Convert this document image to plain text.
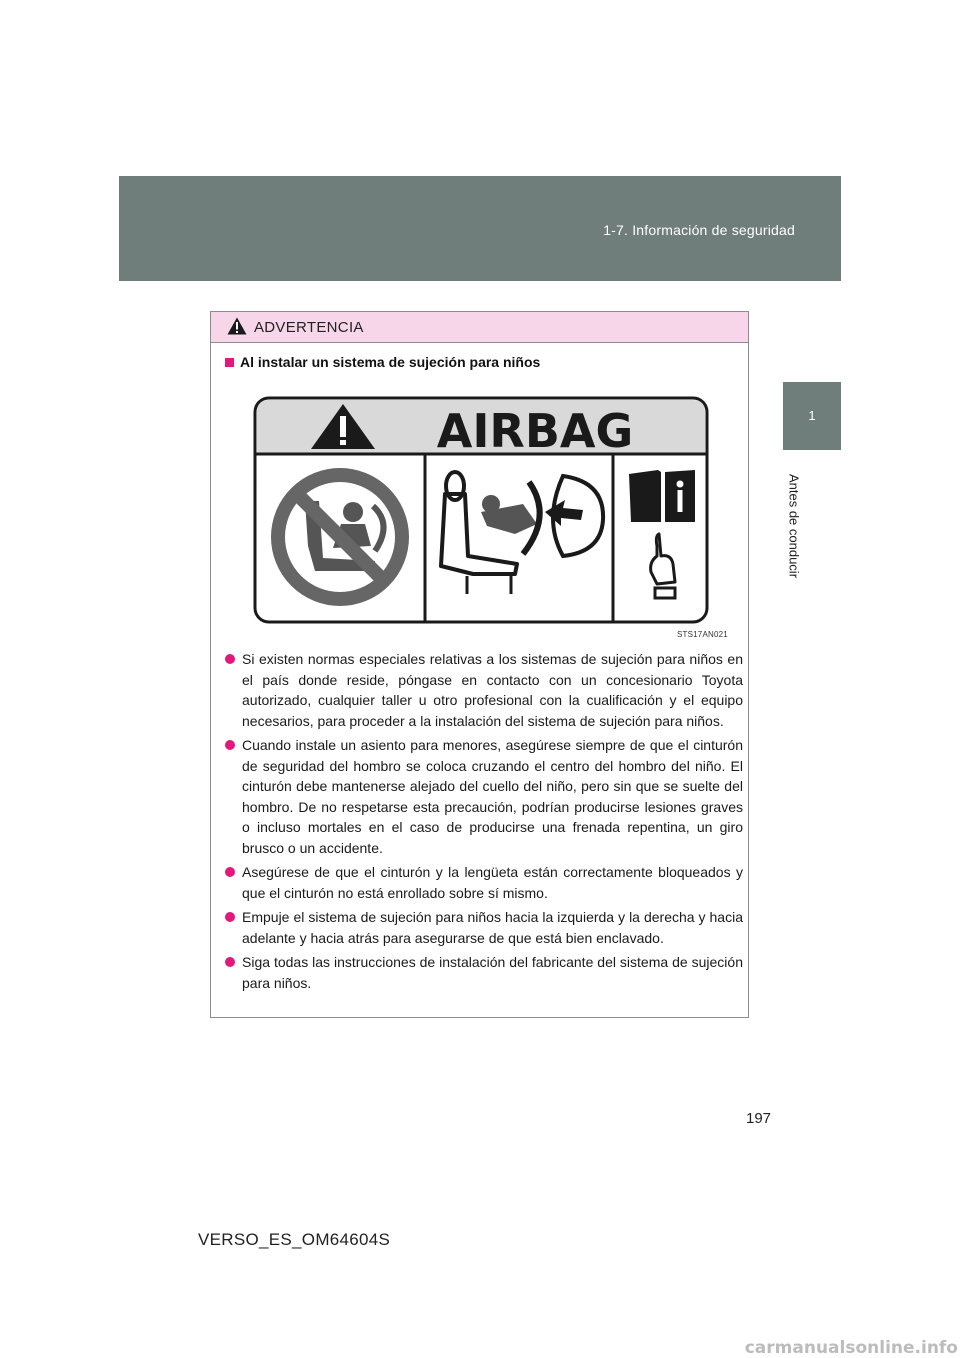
1-7. Información de seguridad
1
Antes de conducir
ADVERTENCIA
Al instalar un sistema de sujeción para niños
AIRBAG
STS17AN021
Si existen normas especiales relativas a los sistemas de sujeción para niños en el país donde reside, póngase en contacto con un concesionario Toyota autorizado, cualquier taller u otro profesional con la cualificación y el equipo necesarios, para proceder a la instalación del sistema de sujeción para niños.
Cuando instale un asiento para menores, asegúrese siempre de que el cinturón de seguridad del hombro se coloca cruzando el centro del hombro del niño. El cinturón debe mantenerse alejado del cuello del niño, pero sin que se suelte del hombro. De no respetarse esta precaución, podrían producirse lesiones graves o incluso mortales en el caso de producirse una frenada repentina, un giro brusco o un accidente.
Asegúrese de que el cinturón y la lengüeta están correctamente bloqueados y que el cinturón no está enrollado sobre sí mismo.
Empuje el sistema de sujeción para niños hacia la izquierda y la derecha y hacia adelante y hacia atrás para asegurarse de que está bien enclavado.
Siga todas las instrucciones de instalación del fabricante del sistema de sujeción para niños.
197
VERSO_ES_OM64604S
carmanualsonline.info
